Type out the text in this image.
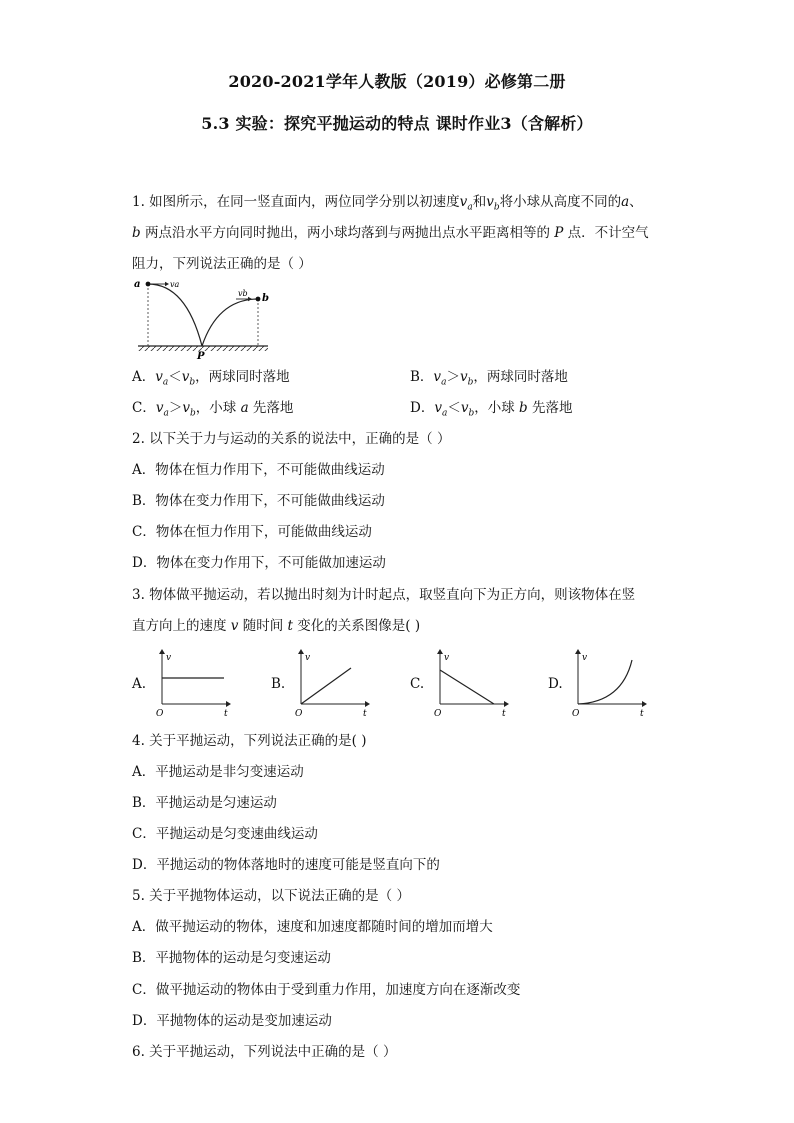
2020-2021学年人教版（2019）必修第二册
5.3 实验：探究平抛运动的特点 课时作业3（含解析）
1. 如图所示，在同一竖直面内，两位同学分别以初速度$v_a$和$v_b$将小球从高度不同的a、
b 两点沿水平方向同时抛出，两小球均落到与两抛出点水平距离相等的 P 点．不计空气
阻力，下列说法正确的是（ ）
a	va
vb b
P
A．$v_a<v_b$，两球同时落地	B．$v_a>v_b$，两球同时落地
C．$v_a>v_b$，小球 a 先落地	D．$v_a<v_b$，小球 b 先落地
2. 以下关于力与运动的关系的说法中，正确的是（ ）
A．物体在恒力作用下，不可能做曲线运动
B．物体在变力作用下，不可能做曲线运动
C．物体在恒力作用下，可能做曲线运动
D．物体在变力作用下，不可能做加速运动
3. 物体做平抛运动，若以抛出时刻为计时起点，取竖直向下为正方向，则该物体在竖
直方向上的速度 v 随时间 t 变化的关系图像是( )
A.
v
t
O
B.
v
t
O
C.
v
t
O
D.
v
t
O
4. 关于平抛运动，下列说法正确的是( )
A．平抛运动是非匀变速运动
B．平抛运动是匀速运动
C．平抛运动是匀变速曲线运动
D．平抛运动的物体落地时的速度可能是竖直向下的
5. 关于平抛物体运动，以下说法正确的是（ ）
A．做平抛运动的物体，速度和加速度都随时间的增加而增大
B．平抛物体的运动是匀变速运动
C．做平抛运动的物体由于受到重力作用，加速度方向在逐渐改变
D．平抛物体的运动是变加速运动
6. 关于平抛运动，下列说法中正确的是（ ）
